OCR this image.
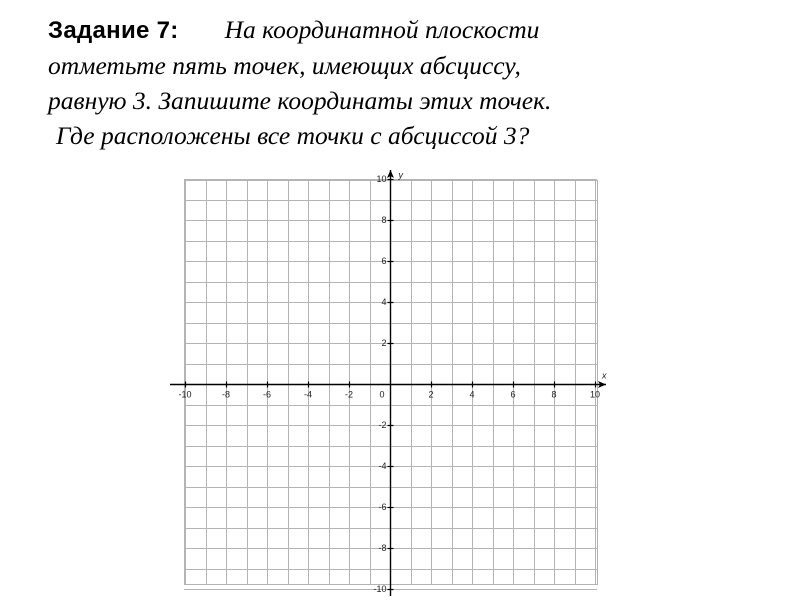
Задание 7: На координатной плоскости
отметьте пять точек, имеющих абсциссу,
равную 3. Запишите координаты этих точек.
Где расположены все точки с абсциссой 3?

-10	-8	-6	-4	-2	0	2	4	6	8	10
10
8
6
4
2
-2
-4
-6
-8
-10
x
y
